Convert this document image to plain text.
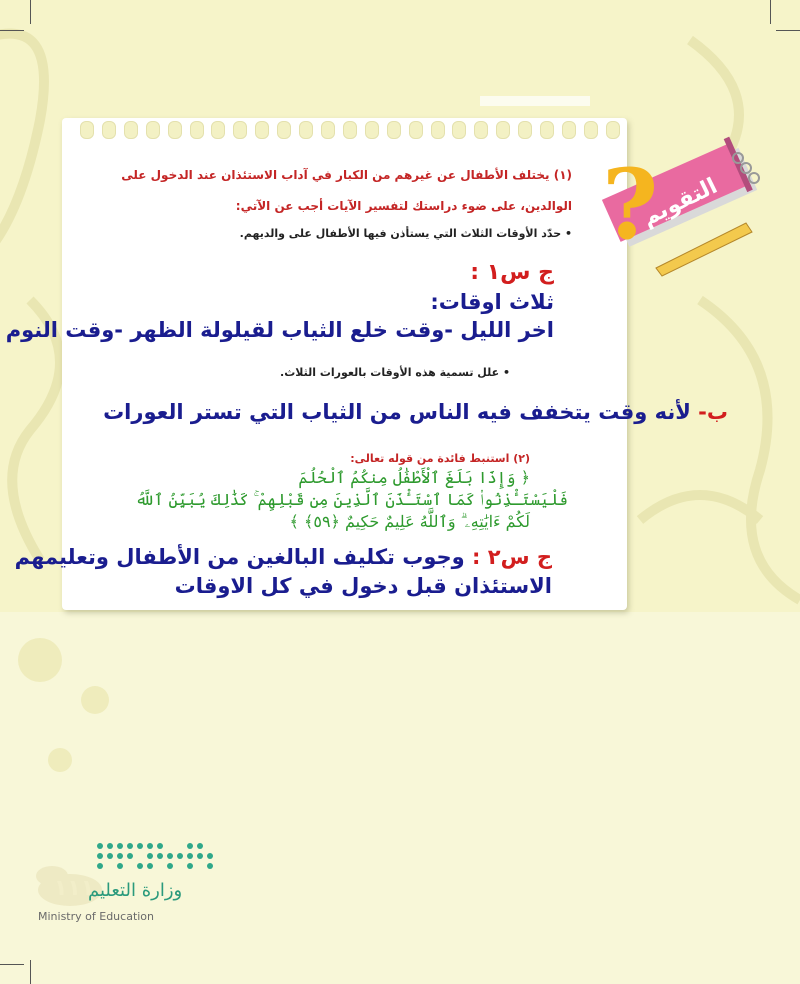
?
التقويم
(١) يختلف الأطفال عن غيرهم من الكبار في آداب الاستئذان عند الدخول على
الوالدين، على ضوء دراستك لتفسير الآيات أجب عن الآتي:
• حدّد الأوقات الثلاث التي يستأذن فيها الأطفال على والديهم.
ج س١ :
ثلاث اوقات:
اخر الليل -وقت خلع الثياب لقيلولة الظهر -وقت النوم
• علل تسمية هذه الأوقات بالعورات الثلاث.
ب- لأنه وقت يتخفف فيه الناس من الثياب التي تستر العورات
(٢) استنبط فائدة من قوله تعالى:
﴿ وَإِذَا بَلَغَ ٱلْأَطْفَٰلُ مِنكُمُ ٱلْحُلُمَ
فَلْيَسْتَـْٔذِنُوا۟ كَمَا ٱسْتَـْٔذَنَ ٱلَّذِينَ مِن قَبْلِهِمْ ۚ كَذَٰلِكَ يُبَيِّنُ ٱللَّهُ
لَكُمْ ءَايَٰتِهِۦ ۗ وَٱللَّهُ عَلِيمٌ حَكِيمٌ ﴿٥٩﴾ ﴾
ج س٢ : وجوب تكليف البالغين من الأطفال وتعليمهم
الاستئذان قبل دخول في كل الاوقات
١١١
وزارة التعليم
Ministry of Education
